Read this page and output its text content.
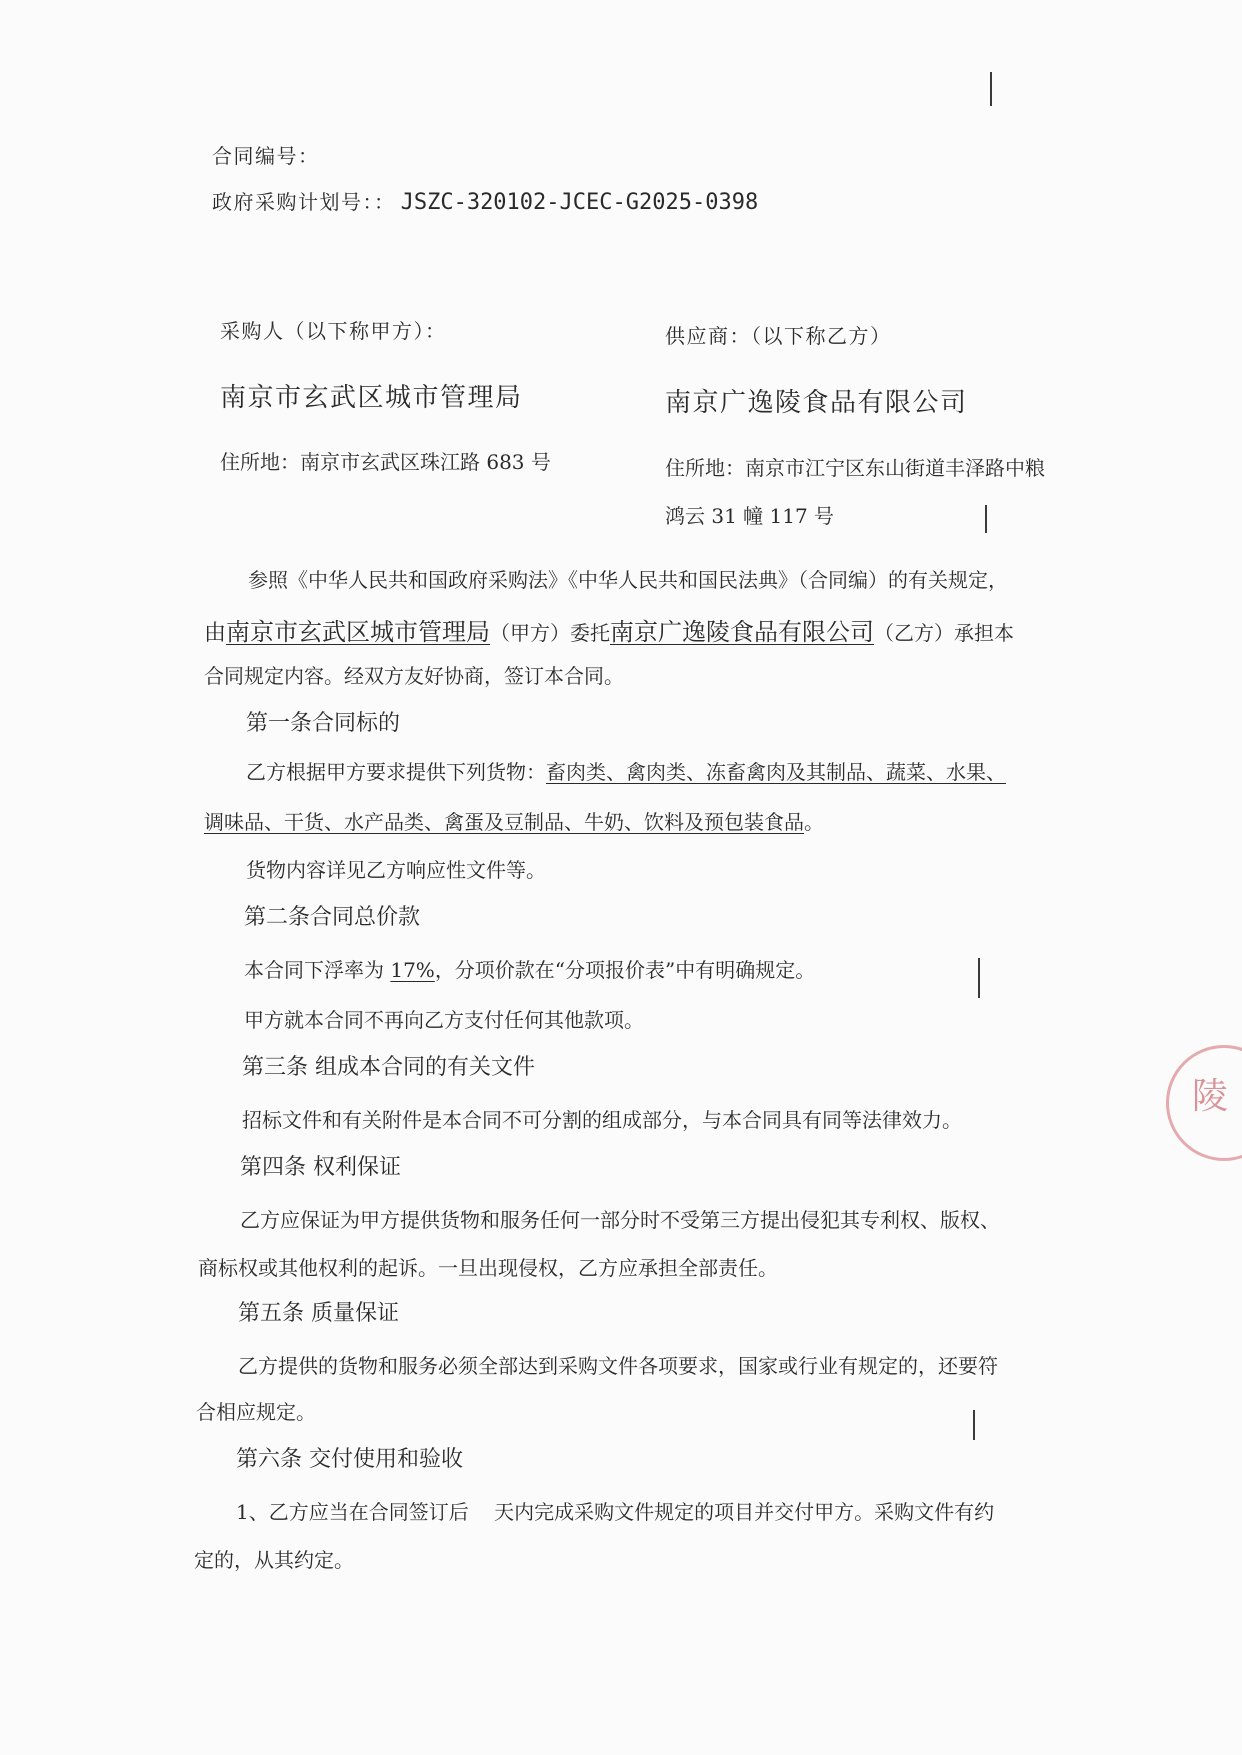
陵
合同编号：
政府采购计划号：： JSZC-320102-JCEC-G2025-0398
采购人（以下称甲方）：
南京市玄武区城市管理局
住所地：南京市玄武区珠江路 683 号
供应商：（以下称乙方）
南京广逸陵食品有限公司
住所地：南京市江宁区东山街道丰泽路中粮
鸿云 31 幢 117 号
参照《中华人民共和国政府采购法》《中华人民共和国民法典》（合同编）的有关规定，
由南京市玄武区城市管理局（甲方）委托南京广逸陵食品有限公司（乙方）承担本
合同规定内容。经双方友好协商，签订本合同。
第一条合同标的
乙方根据甲方要求提供下列货物：畜肉类、禽肉类、冻畜禽肉及其制品、蔬菜、水果、
调味品、干货、水产品类、禽蛋及豆制品、牛奶、饮料及预包装食品。
货物内容详见乙方响应性文件等。
第二条合同总价款
本合同下浮率为 17%，分项价款在“分项报价表”中有明确规定。
甲方就本合同不再向乙方支付任何其他款项。
第三条 组成本合同的有关文件
招标文件和有关附件是本合同不可分割的组成部分，与本合同具有同等法律效力。
第四条 权利保证
乙方应保证为甲方提供货物和服务任何一部分时不受第三方提出侵犯其专利权、版权、
商标权或其他权利的起诉。一旦出现侵权，乙方应承担全部责任。
第五条 质量保证
乙方提供的货物和服务必须全部达到采购文件各项要求，国家或行业有规定的，还要符
合相应规定。
第六条 交付使用和验收
1、乙方应当在合同签订后    天内完成采购文件规定的项目并交付甲方。采购文件有约
定的，从其约定。
